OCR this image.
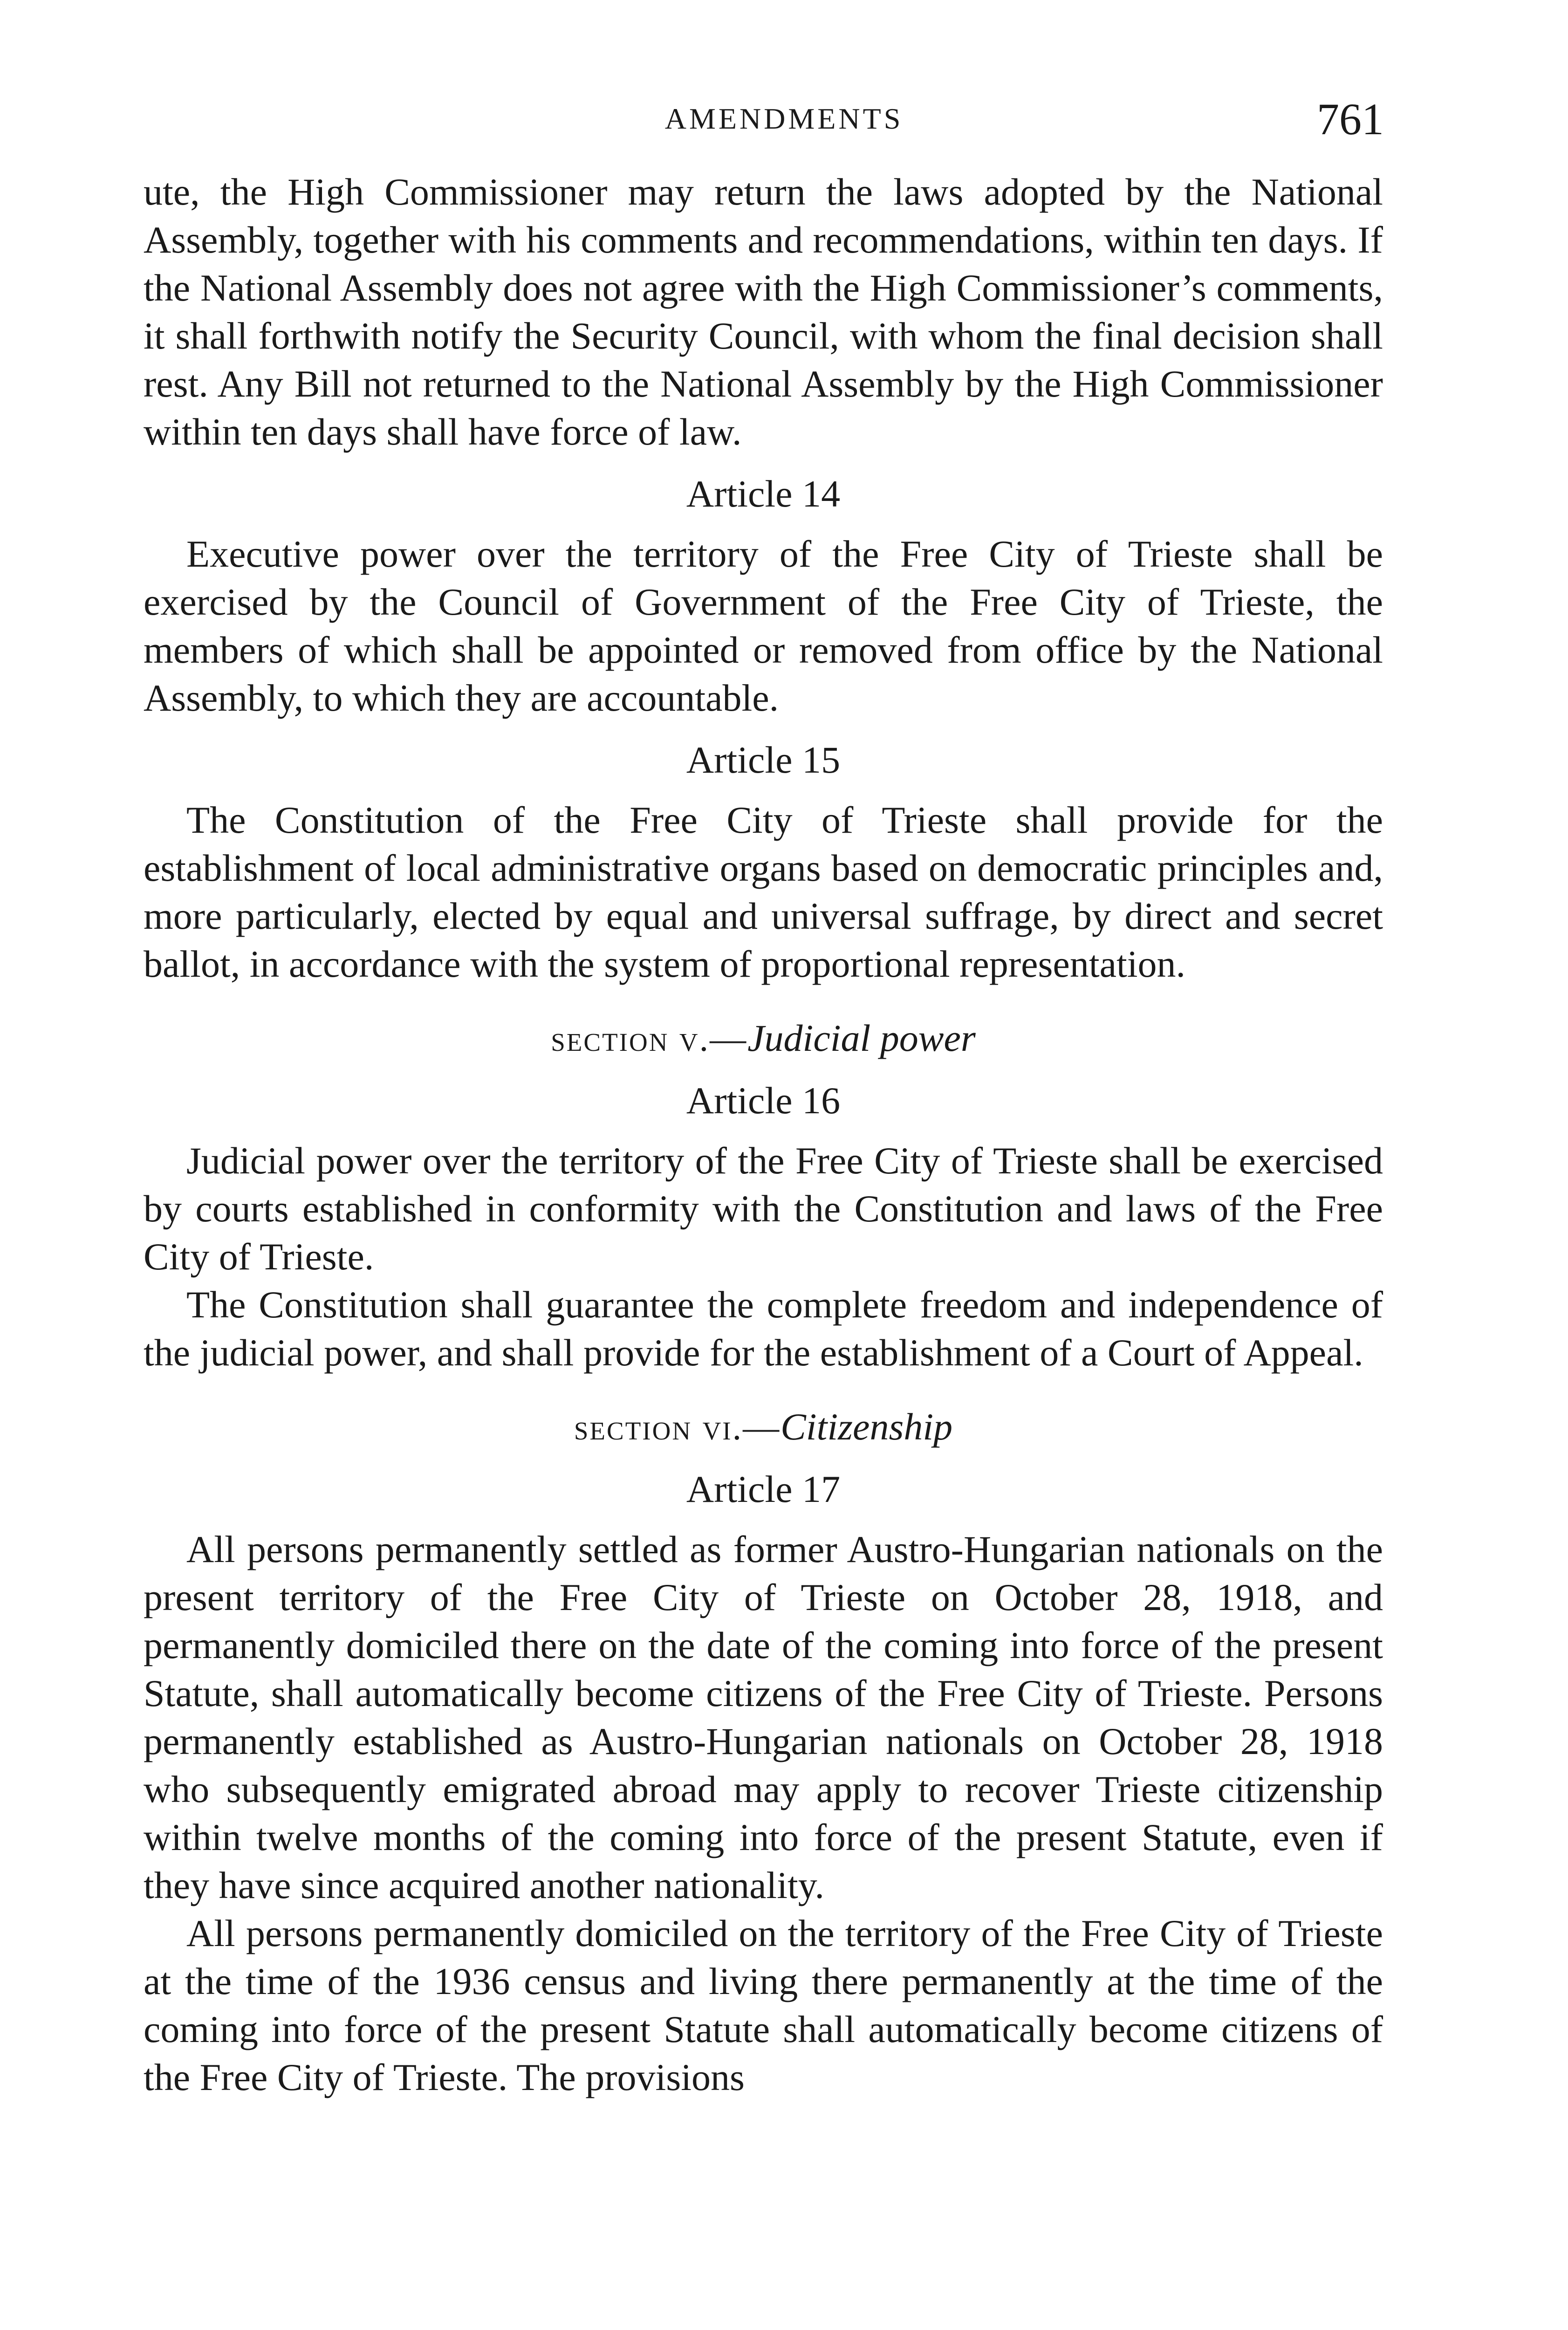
AMENDMENTS	761

ute, the High Commissioner may return the laws adopted by the National Assembly, together with his comments and recommendations, within ten days. If the National Assembly does not agree with the High Commissioner’s comments, it shall forthwith notify the Security Council, with whom the final decision shall rest. Any Bill not returned to the National Assembly by the High Commissioner within ten days shall have force of law.

Article 14

Executive power over the territory of the Free City of Trieste shall be exercised by the Council of Government of the Free City of Trieste, the members of which shall be appointed or removed from office by the National Assembly, to which they are accountable.

Article 15

The Constitution of the Free City of Trieste shall provide for the establishment of local administrative organs based on democratic principles and, more particularly, elected by equal and universal suffrage, by direct and secret ballot, in accordance with the system of proportional representation.

section v.—Judicial power
Article 16

Judicial power over the territory of the Free City of Trieste shall be exercised by courts established in conformity with the Constitution and laws of the Free City of Trieste.

The Constitution shall guarantee the complete freedom and independence of the judicial power, and shall provide for the establishment of a Court of Appeal.

section vi.—Citizenship
Article 17

All persons permanently settled as former Austro-Hungarian nationals on the present territory of the Free City of Trieste on October 28, 1918, and permanently domiciled there on the date of the coming into force of the present Statute, shall automatically become citizens of the Free City of Trieste. Persons permanently established as Austro-Hungarian nationals on October 28, 1918 who subsequently emigrated abroad may apply to recover Trieste citizenship within twelve months of the coming into force of the present Statute, even if they have since acquired another nationality.

All persons permanently domiciled on the territory of the Free City of Trieste at the time of the 1936 census and living there permanently at the time of the coming into force of the present Statute shall automatically become citizens of the Free City of Trieste. The provisions
